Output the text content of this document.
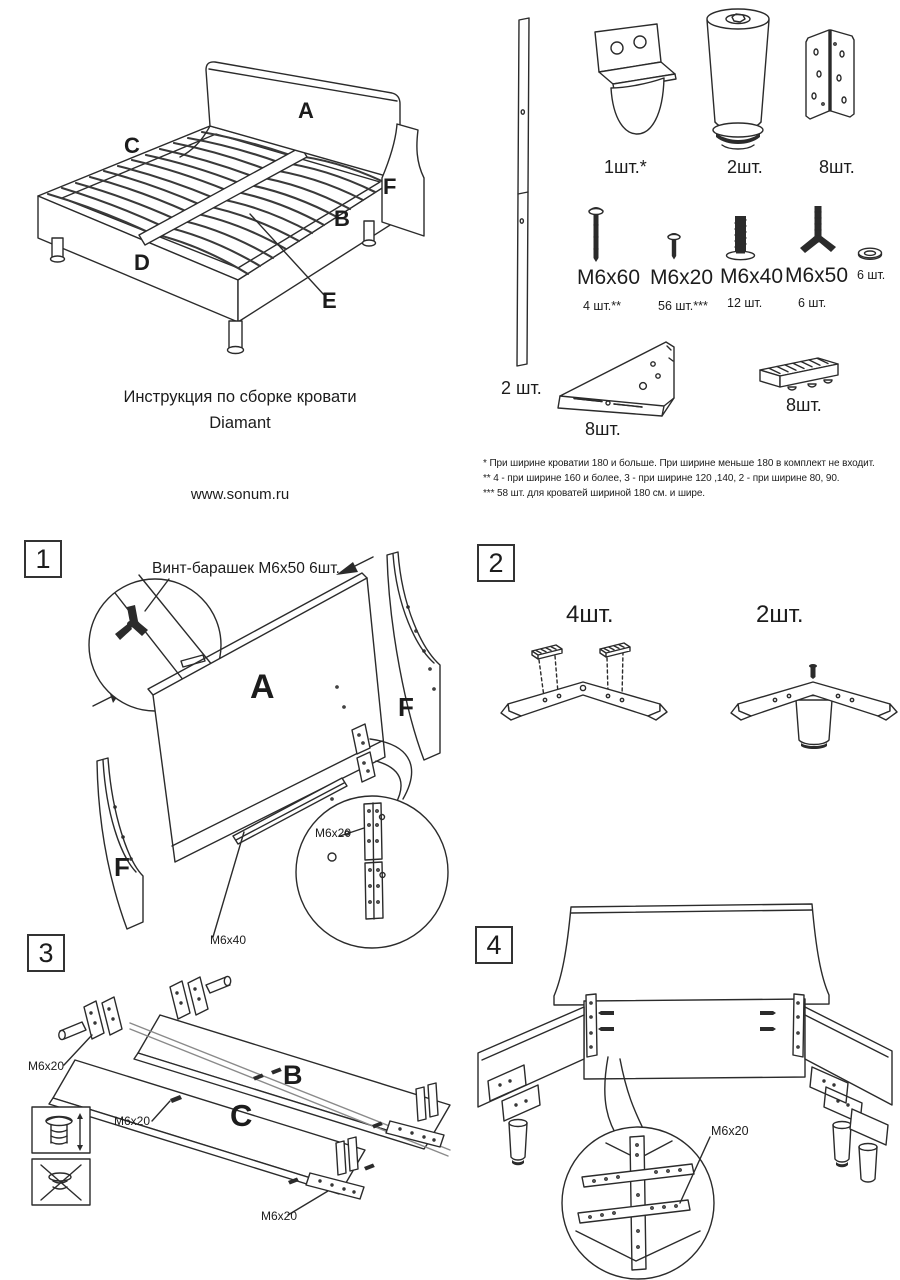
A
C
F
B
D
E
Инструкция по сборке кровати
Diamant
www.sonum.ru
2 шт.
1шт.*	2шт.	8шт.
M6x60
4 шт.**
M6x20
56 шт.***
M6x40
12 шт.
M6x50
6 шт.
6 шт.
8шт.
8шт.
* При ширине кроватии 180 и больше. При ширине меньше 180 в комплект не входит.
** 4 - при ширине 160 и более, 3 - при ширине 120 ,140, 2 - при ширине 80, 90.
*** 58 шт. для кроватей шириной 180 см. и шире.
1	Винт-барашек М6х50 6шт.
A
F
F
M6x20
M6x40
2
4шт.	2шт.
3
M6x20
M6x20
M6x20
B
C
4
M6x20
